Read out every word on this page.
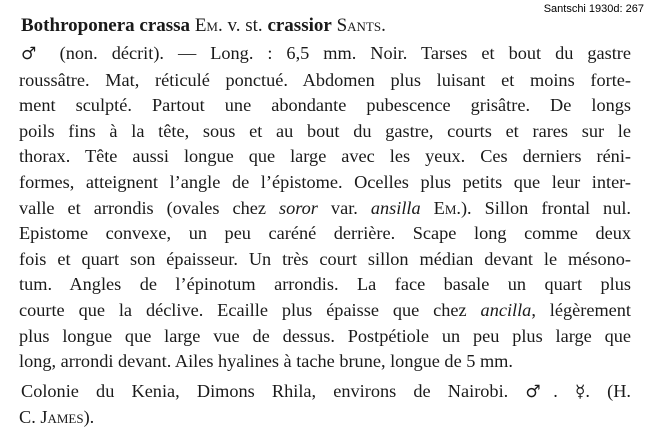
Santschi 1930d: 267
Bothroponera crassa Em. v. st. crassior Sants.
♂ (non. décrit). — Long. : 6,5 mm. Noir. Tarses et bout du gastre
roussâtre. Mat, réticulé ponctué. Abdomen plus luisant et moins forte-
ment sculpté. Partout une abondante pubescence grisâtre. De longs
poils fins à la tête, sous et au bout du gastre, courts et rares sur le
thorax. Tête aussi longue que large avec les yeux. Ces derniers réni-
formes, atteignent l’angle de l’épistome. Ocelles plus petits que leur inter-
valle et arrondis (ovales chez soror var. ansilla Em.). Sillon frontal nul.
Epistome convexe, un peu caréné derrière. Scape long comme deux
fois et quart son épaisseur. Un très court sillon médian devant le mésono-
tum. Angles de l’épinotum arrondis. La face basale un quart plus
courte que la déclive. Ecaille plus épaisse que chez ancilla, légèrement
plus longue que large vue de dessus. Postpétiole un peu plus large que
long, arrondi devant. Ailes hyalines à tache brune, longue de 5 mm.
Colonie du Kenia, Dimons Rhila, environs de Nairobi. ♂. ☿. (H.
C. James).
